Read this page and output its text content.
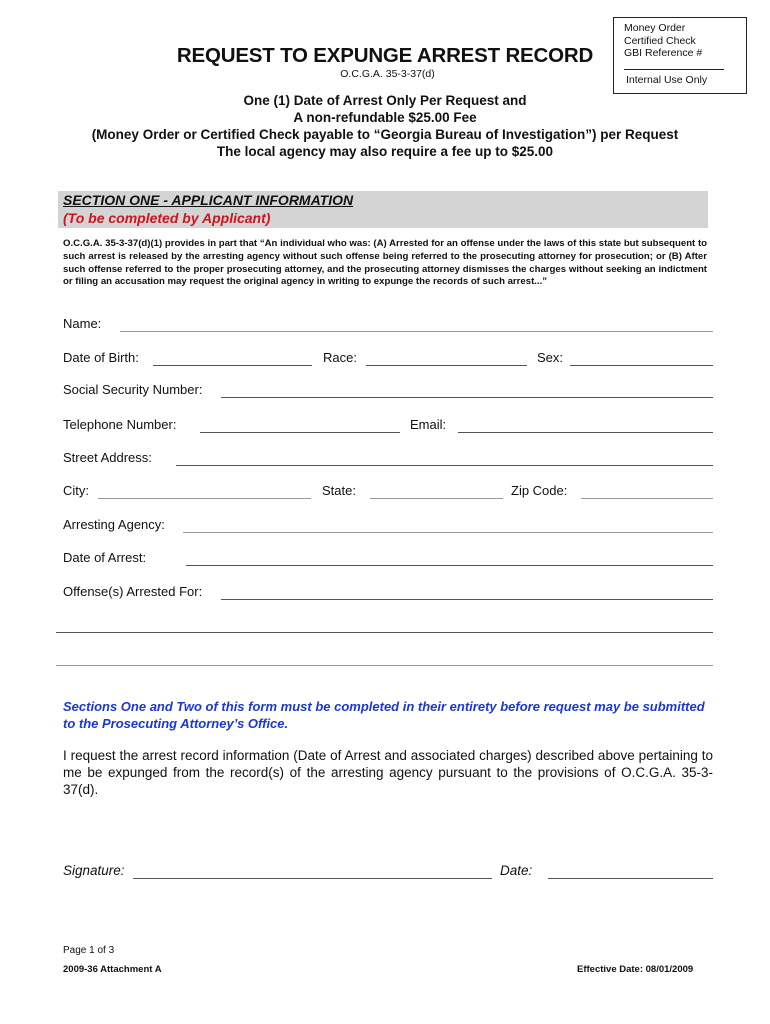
Money Order
Certified Check
GBI Reference #
Internal Use Only
REQUEST TO EXPUNGE ARREST RECORD
O.C.G.A. 35-3-37(d)
One (1) Date of Arrest Only Per Request and
A non-refundable $25.00 Fee
(Money Order or Certified Check payable to “Georgia Bureau of Investigation”) per Request
The local agency may also require a fee up to $25.00
SECTION ONE - APPLICANT INFORMATION
(To be completed by Applicant)
O.C.G.A. 35-3-37(d)(1) provides in part that “An individual who was: (A) Arrested for an offense under the laws of this state but subsequent to such arrest is released by the arresting agency without such offense being referred to the prosecuting attorney for prosecution; or (B) After such offense referred to the proper prosecuting attorney, and the prosecuting attorney dismisses the charges without seeking an indictment or filing an accusation may request the original agency in writing to expunge the records of such arrest...”
Name:
Date of Birth:	Race:	Sex:
Social Security Number:
Telephone Number:	Email:
Street Address:
City:	State:	Zip Code:
Arresting Agency:
Date of Arrest:
Offense(s) Arrested For:
Sections One and Two of this form must be completed in their entirety before request may be submitted to the Prosecuting Attorney’s Office.
I request the arrest record information (Date of Arrest and associated charges) described above pertaining to me be expunged from the record(s) of the arresting agency pursuant to the provisions of O.C.G.A. 35-3-37(d).
Signature:	Date:
Page 1 of 3
2009-36 Attachment A	Effective Date: 08/01/2009
